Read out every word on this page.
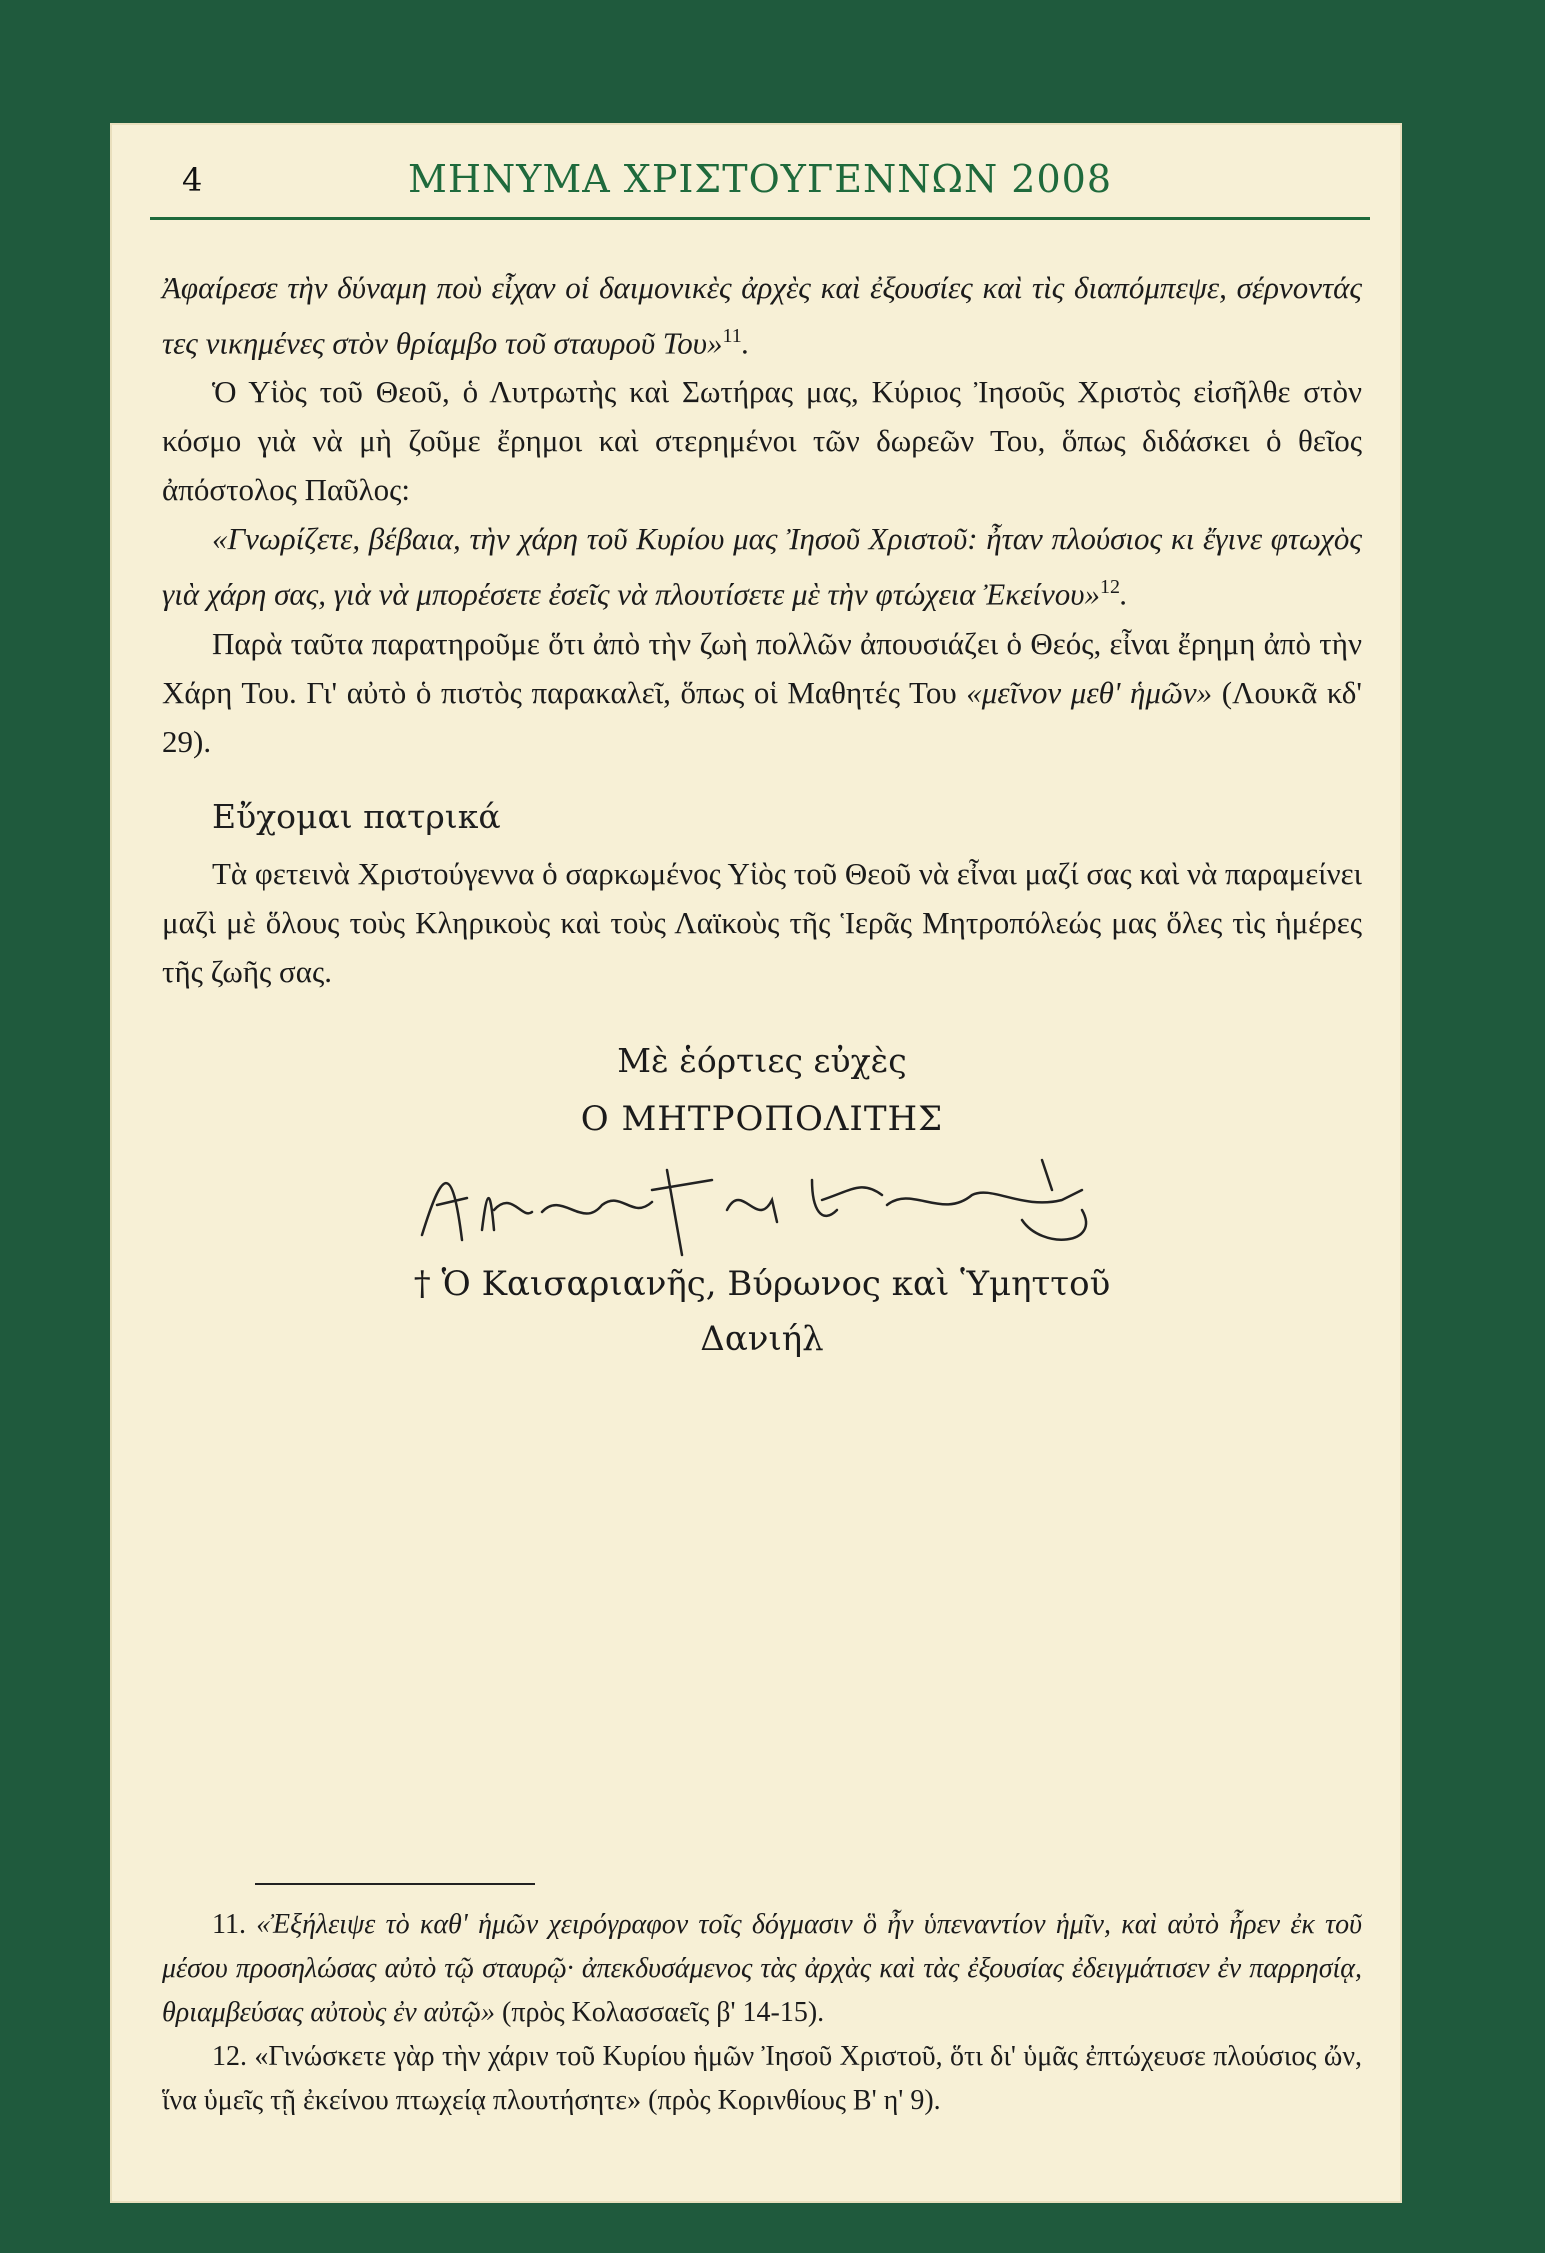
4	ΜΗΝΥΜΑ ΧΡΙΣΤΟΥΓΕΝΝΩΝ 2008

Ἀφαίρεσε τὴν δύναμη ποὺ εἶχαν οἱ δαιμονικὲς ἀρχὲς καὶ ἐξουσίες καὶ τὶς διαπόμπεψε, σέρνοντάς τες νικημένες στὸν θρίαμβο τοῦ σταυροῦ Του»$^{11}$.

Ὁ Υἱὸς τοῦ Θεοῦ, ὁ Λυτρωτὴς καὶ Σωτήρας μας, Κύριος Ἰησοῦς Χριστὸς εἰσῆλθε στὸν κόσμο γιὰ νὰ μὴ ζοῦμε ἔρημοι καὶ στερημένοι τῶν δωρεῶν Του, ὅπως διδάσκει ὁ θεῖος ἀπόστολος Παῦλος:

«Γνωρίζετε, βέβαια, τὴν χάρη τοῦ Κυρίου μας Ἰησοῦ Χριστοῦ: ἦταν πλούσιος κι ἔγινε φτωχὸς γιὰ χάρη σας, γιὰ νὰ μπορέσετε ἐσεῖς νὰ πλουτίσετε μὲ τὴν φτώχεια Ἐκείνου»$^{12}$.

Παρὰ ταῦτα παρατηροῦμε ὅτι ἀπὸ τὴν ζωὴ πολλῶν ἀπουσιάζει ὁ Θεός, εἶναι ἔρημη ἀπὸ τὴν Χάρη Του. Γι' αὐτὸ ὁ πιστὸς παρακαλεῖ, ὅπως οἱ Μαθητές Του «μεῖνον μεθ' ἡμῶν» (Λουκᾶ κδ' 29).

Εὔχομαι πατρικά

Τὰ φετεινὰ Χριστούγεννα ὁ σαρκωμένος Υἱὸς τοῦ Θεοῦ νὰ εἶναι μαζί σας καὶ νὰ παραμείνει μαζὶ μὲ ὅλους τοὺς Κληρικοὺς καὶ τοὺς Λαϊκοὺς τῆς Ἱερᾶς Μητροπόλεώς μας ὅλες τὶς ἡμέρες τῆς ζωῆς σας.

Μὲ ἑόρτιες εὐχὲς
Ο ΜΗΤΡΟΠΟΛΙΤΗΣ
† Ὁ Καισαριανῆς, Βύρωνος καὶ Ὑμηττοῦ
Δανιήλ

11. «Ἐξήλειψε τὸ καθ' ἡμῶν χειρόγραφον τοῖς δόγμασιν ὃ ἦν ὑπεναντίον ἡμῖν, καὶ αὐτὸ ἦρεν ἐκ τοῦ μέσου προσηλώσας αὐτὸ τῷ σταυρῷ· ἀπεκδυσάμενος τὰς ἀρχὰς καὶ τὰς ἐξουσίας ἐδειγμάτισεν ἐν παρρησίᾳ, θριαμβεύσας αὐτοὺς ἐν αὐτῷ» (πρὸς Κολασσαεῖς β' 14-15).

12. «Γινώσκετε γὰρ τὴν χάριν τοῦ Κυρίου ἡμῶν Ἰησοῦ Χριστοῦ, ὅτι δι' ὑμᾶς ἐπτώχευσε πλούσιος ὤν, ἵνα ὑμεῖς τῇ ἐκείνου πτωχείᾳ πλουτήσητε» (πρὸς Κορινθίους Β' η' 9).
